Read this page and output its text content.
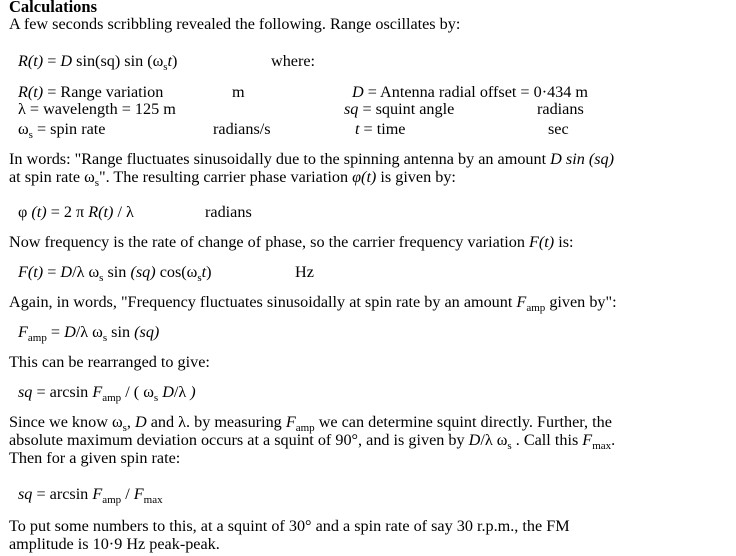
Calculations
A few seconds scribbling revealed the following. Range oscillates by:
R(t) = D sin(sq) $\sin (\omega_st)$	where:
R(t) = Range variation	m	D = Antenna radial offset = 0·434 m
λ = wavelength = 125 m	sq = squint angle	radians
$\omega_s$ = spin rate	radians/s	t = time	sec
In words: "Range fluctuates sinusoidally due to the spinning antenna by an amount D sin (sq)
at spin rate $\omega_s$". The resulting carrier phase variation φ(t) is given by:
φ (t) = 2 π R(t) / λ	radians
Now frequency is the rate of change of phase, so the carrier frequency variation F(t) is:
F(t) = D/λ $\omega_s$ sin (sq) $\cos(\omega_st)$	Hz
Again, in words, "Frequency fluctuates sinusoidally at spin rate by an amount $F_{amp}$ given by":
$F_{amp} = D/\lambda$ $\omega_s$ sin (sq)
This can be rearranged to give:
sq = $\arcsin F_{amp}$ / ( $\omega_s$ D/λ )
Since we know $\omega_s$, D and λ. by measuring $F_{amp}$ we can determine squint directly. Further, the
absolute maximum deviation occurs at a squint of 90°, and is given by D/λ $\omega_s$ . Call this $F_{max}$.
Then for a given spin rate:
sq = $\arcsin F_{amp} / F_{max}$
To put some numbers to this, at a squint of 30° and a spin rate of say 30 r.p.m., the FM
amplitude is 10·9 Hz peak-peak.
